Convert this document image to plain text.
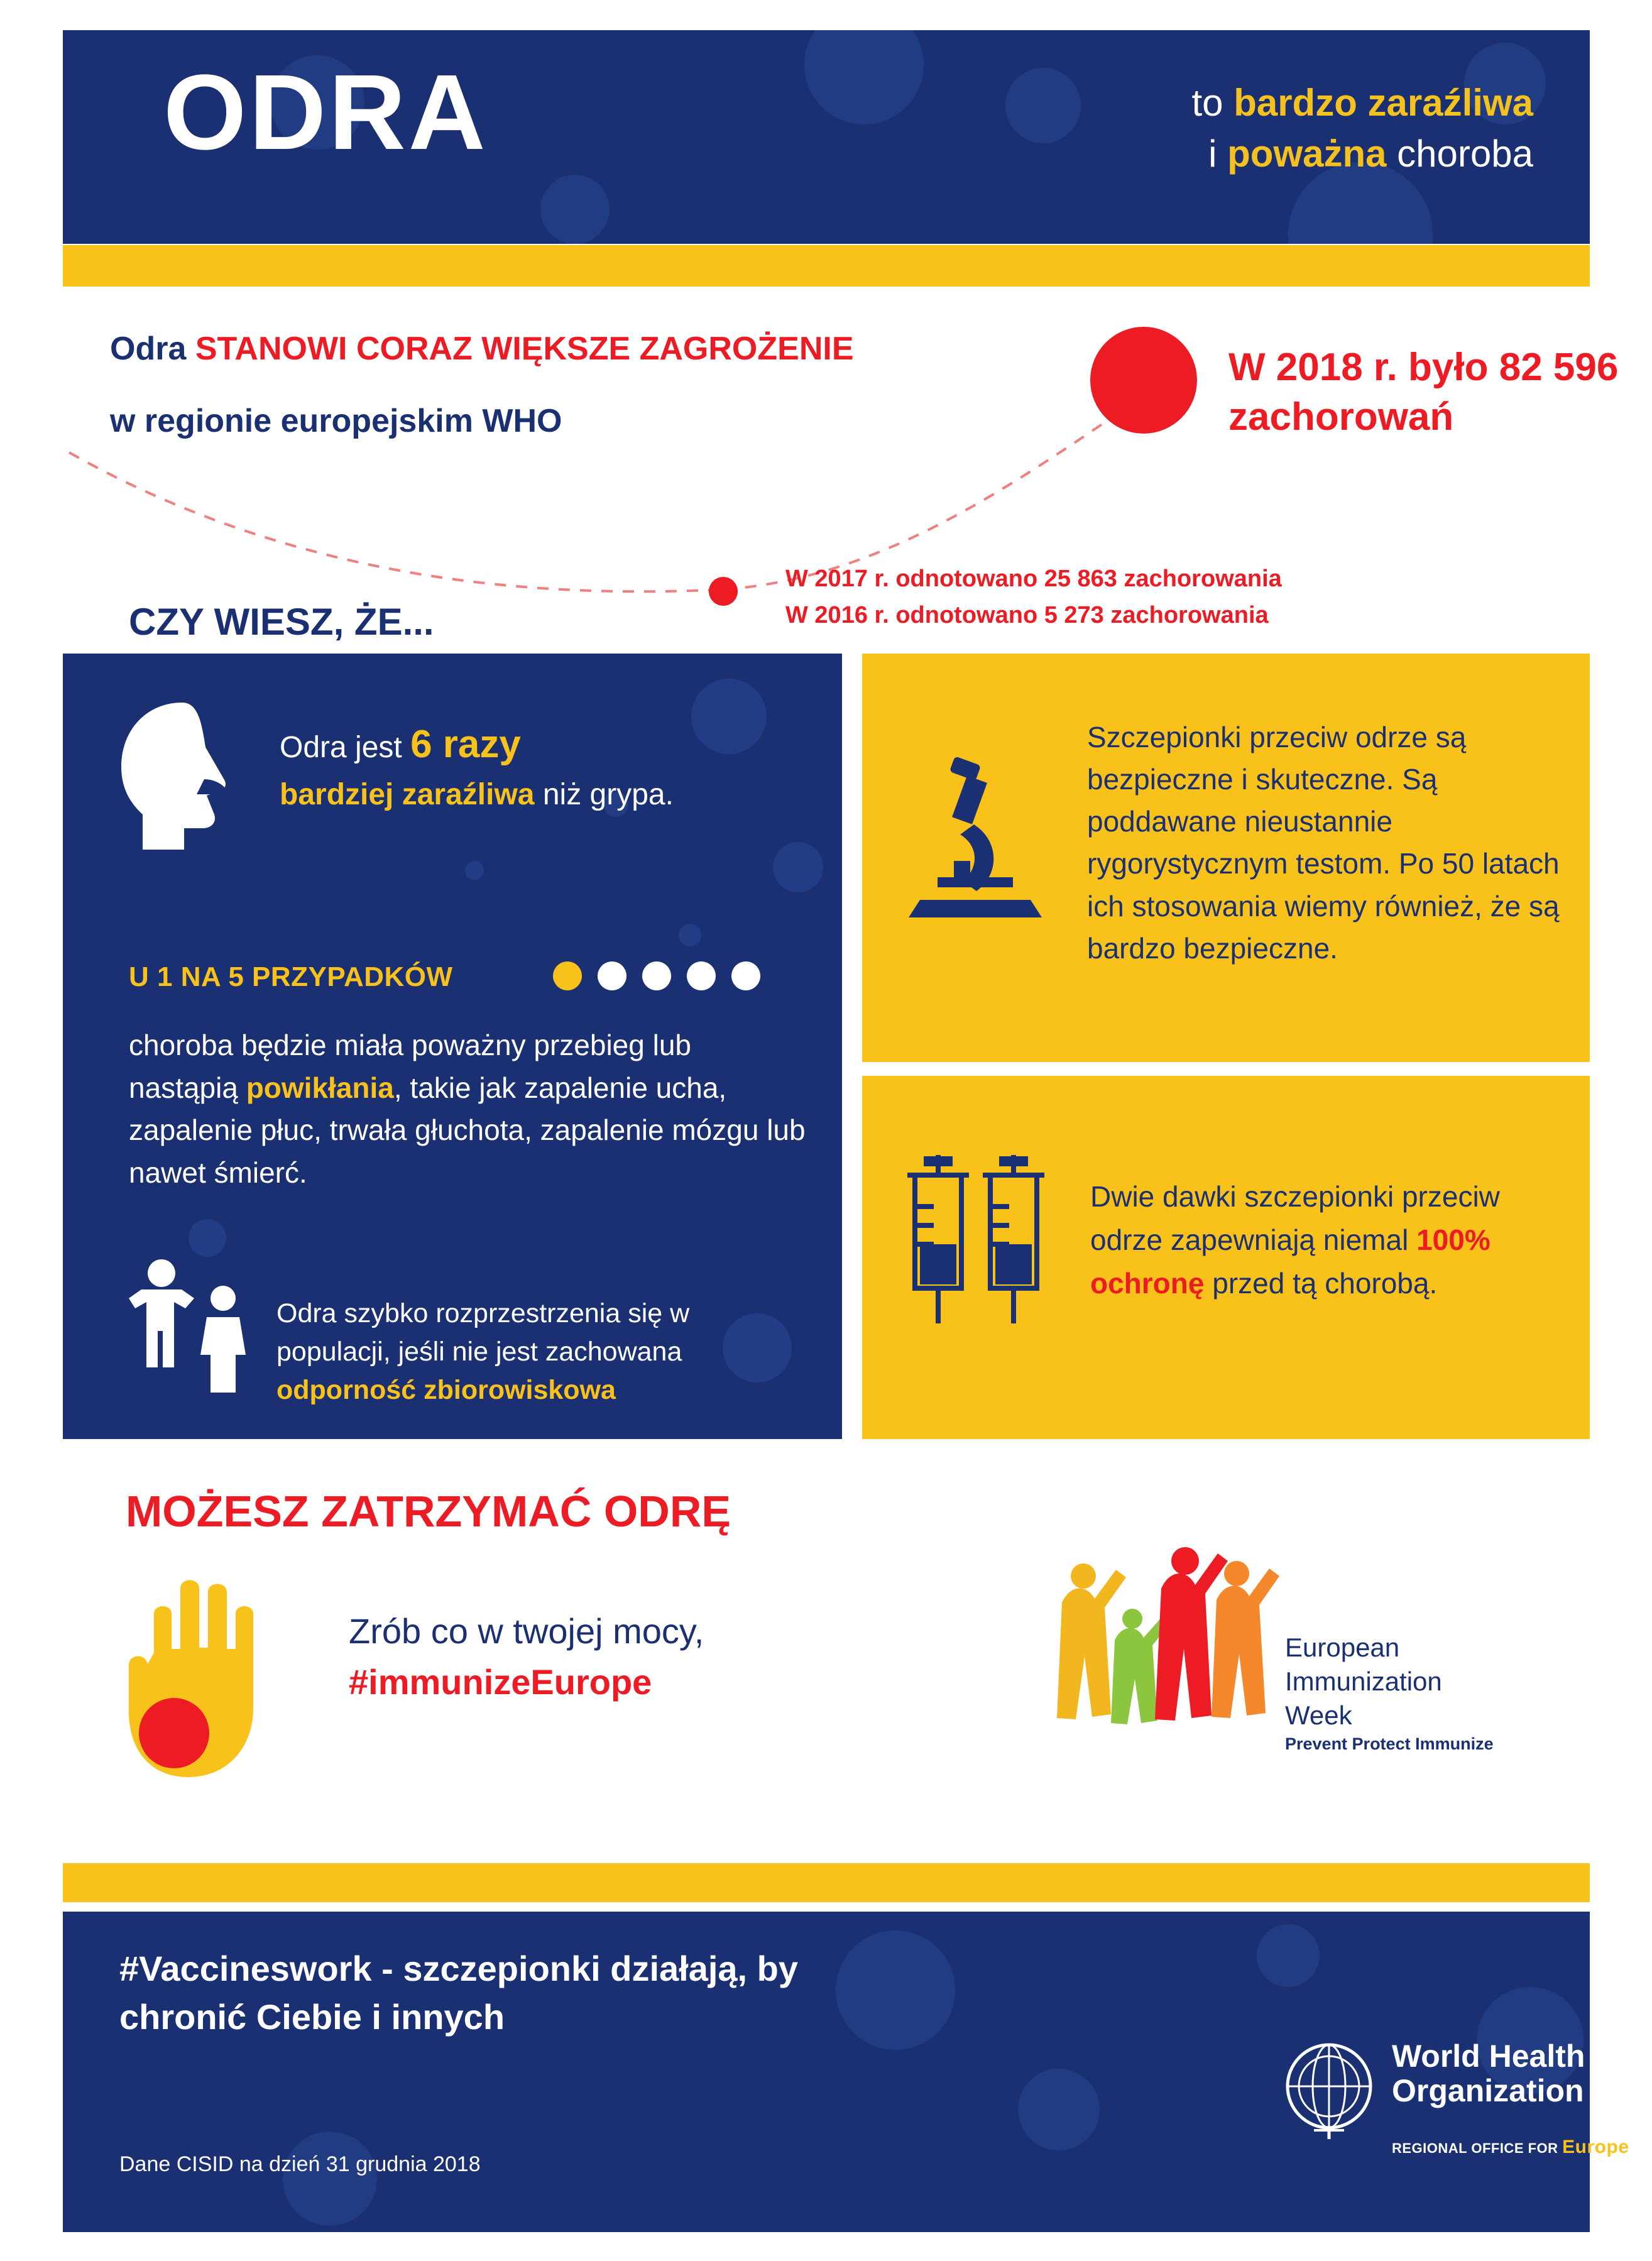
ODRA	to bardzo zaraźliwa
i poważna choroba
Odra STANOWI CORAZ WIĘKSZE ZAGROŻENIE
w regionie europejskim WHO
W 2018 r. było 82 596 zachorowań
W 2017 r. odnotowano 25 863 zachorowania
W 2016 r. odnotowano 5 273 zachorowania
CZY WIESZ, ŻE...
Odra jest 6 razy
bardziej zaraźliwa niż grypa.
U 1 NA 5 PRZYPADKÓW
choroba będzie miała poważny przebieg lub nastąpią powikłania, takie jak zapalenie ucha, zapalenie płuc, trwała głuchota, zapalenie mózgu lub nawet śmierć.
Odra szybko rozprzestrzenia się w populacji, jeśli nie jest zachowana
odporność zbiorowiskowa
Szczepionki przeciw odrze są bezpieczne i skuteczne. Są poddawane nieustannie rygorystycznym testom. Po 50 latach ich stosowania wiemy również, że są bardzo bezpieczne.
Dwie dawki szczepionki przeciw odrze zapewniają niemal 100% ochronę przed tą chorobą.
MOŻESZ ZATRZYMAĆ ODRĘ
Zrób co w twojej mocy,
#immunizeEurope
European
Immunization
Week
Prevent Protect Immunize
#Vaccineswork - szczepionki działają, by chronić Ciebie i innych
Dane CISID na dzień 31 grudnia 2018
World Health
Organization
REGIONAL OFFICE FOR Europe
